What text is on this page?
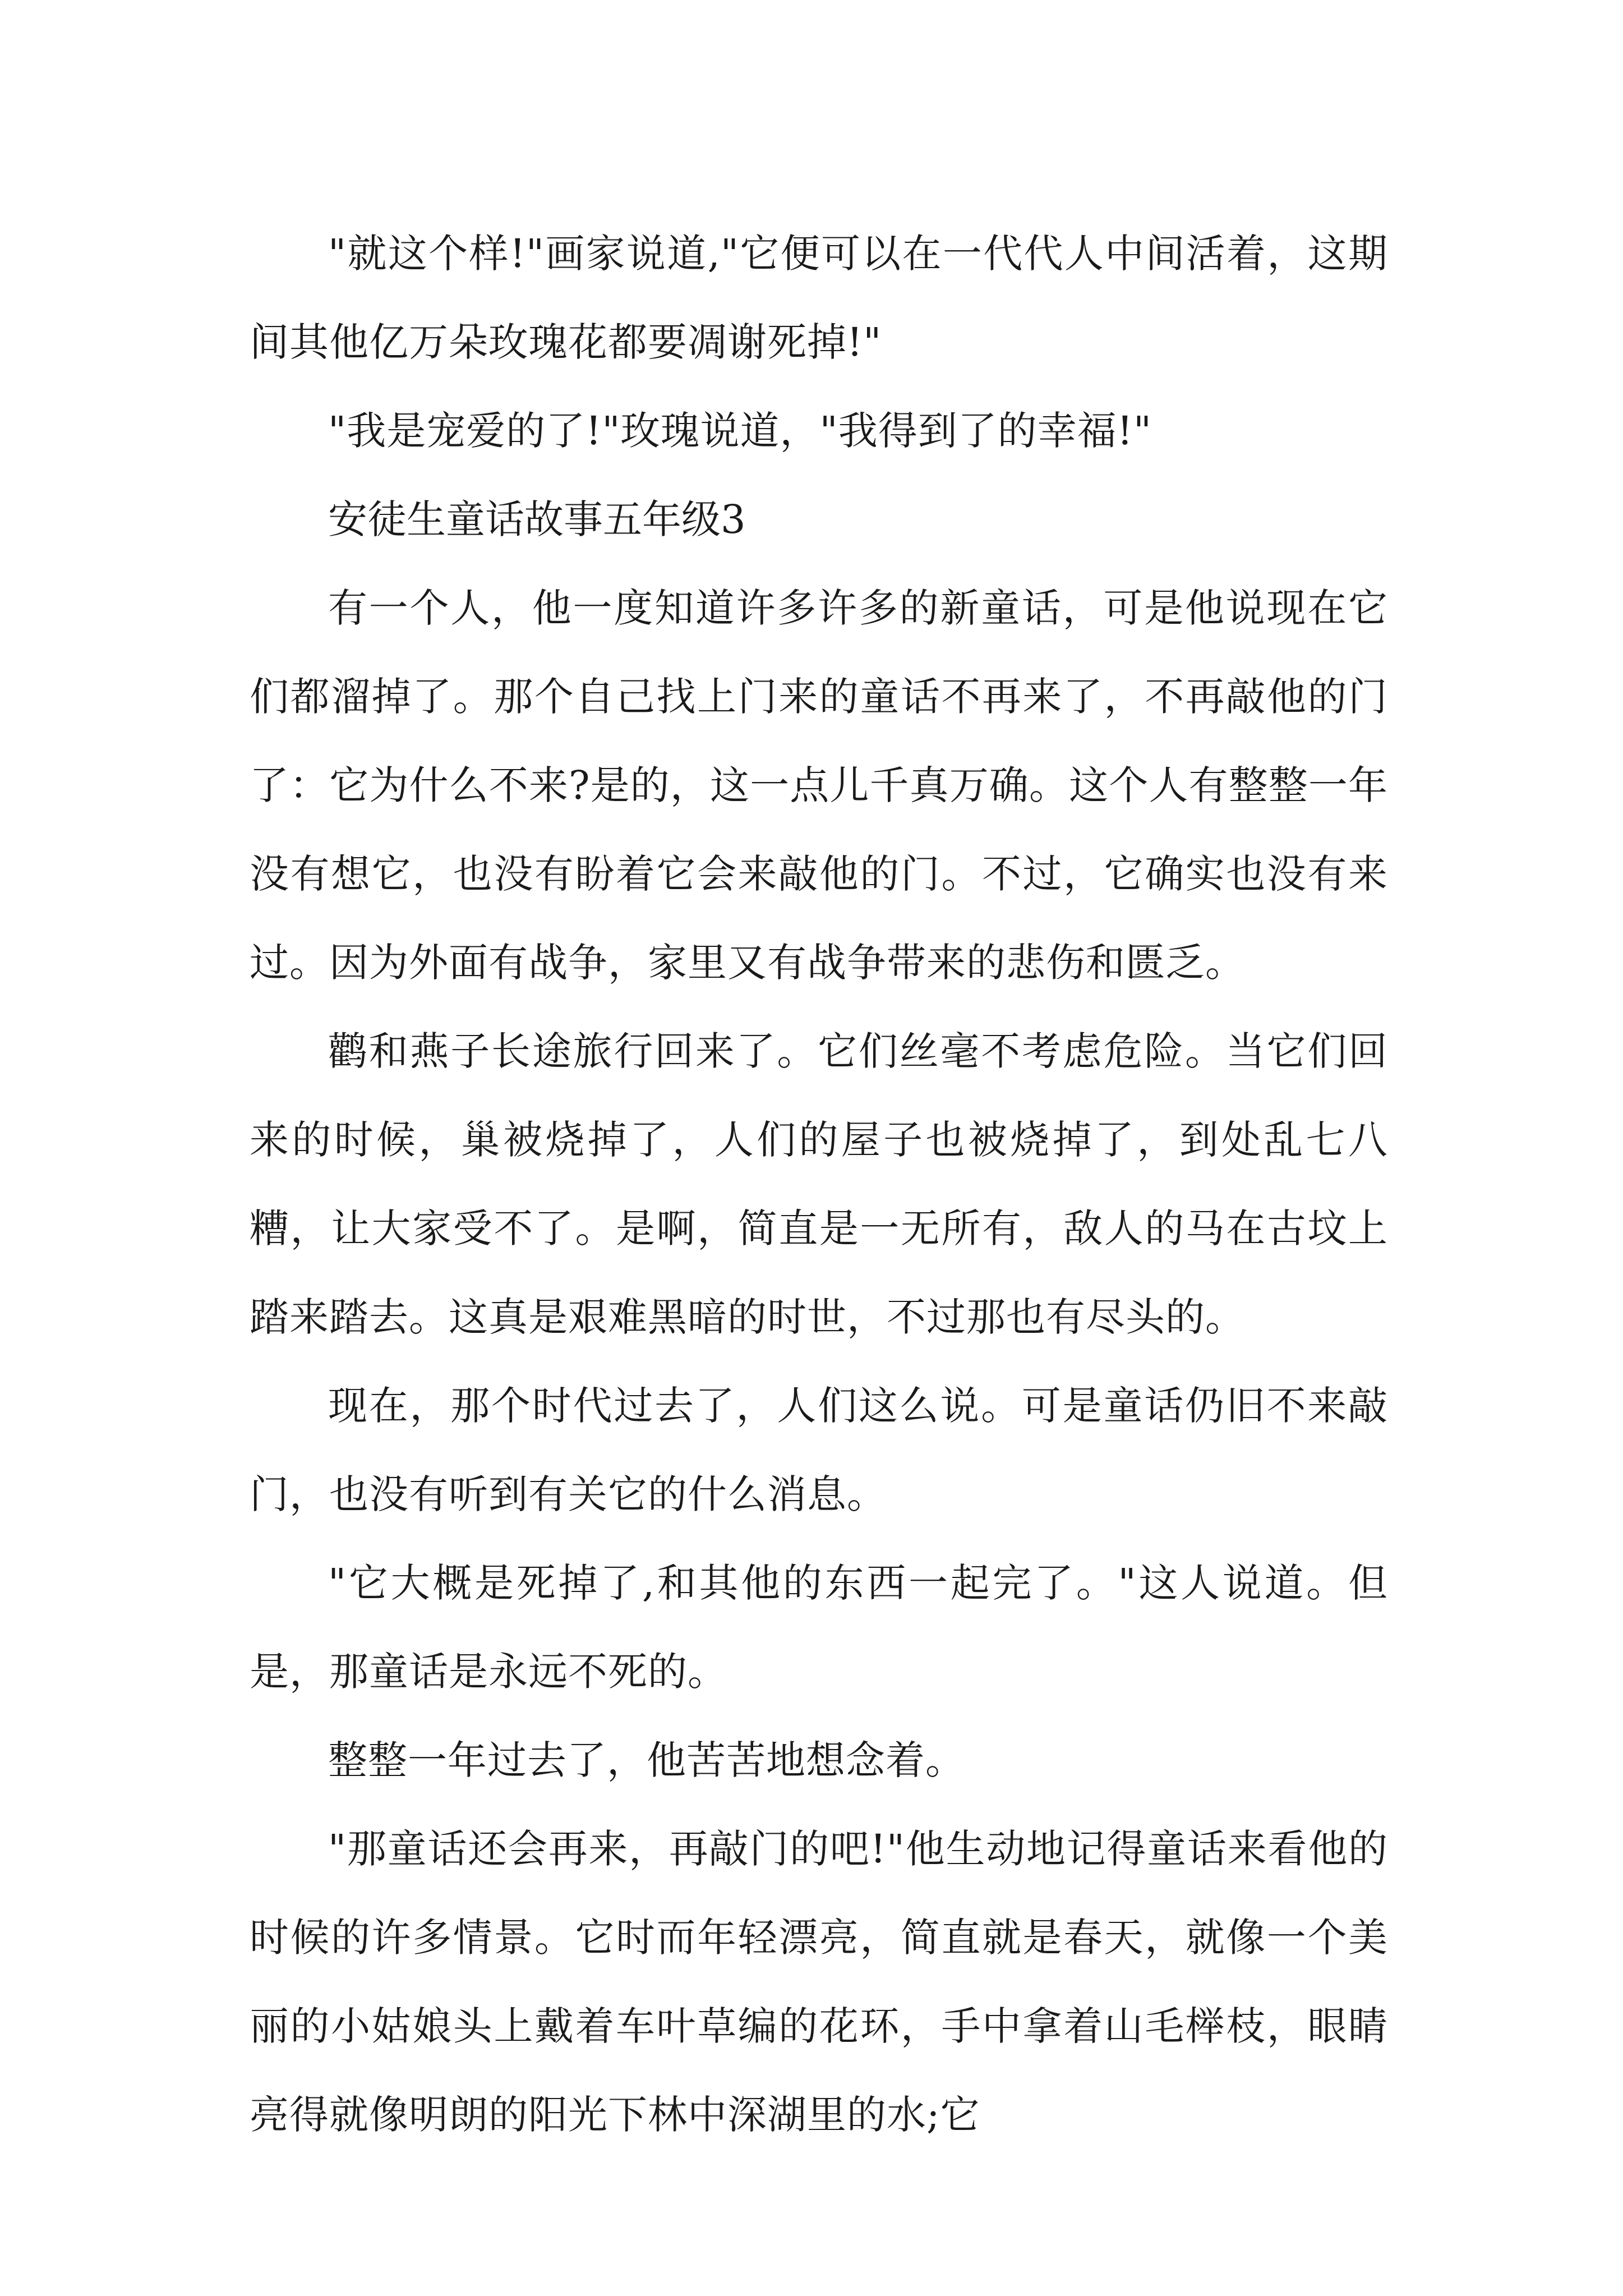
"就这个样!"画家说道,"它便可以在一代代人中间活着，这期间其他亿万朵玫瑰花都要凋谢死掉!"

"我是宠爱的了!"玫瑰说道，"我得到了的幸福!"

安徒生童话故事五年级3

有一个人，他一度知道许多许多的新童话，可是他说现在它们都溜掉了。那个自己找上门来的童话不再来了，不再敲他的门了：它为什么不来?是的，这一点儿千真万确。这个人有整整一年没有想它，也没有盼着它会来敲他的门。不过，它确实也没有来过。因为外面有战争，家里又有战争带来的悲伤和匮乏。

鹳和燕子长途旅行回来了。它们丝毫不考虑危险。当它们回来的时候，巢被烧掉了，人们的屋子也被烧掉了，到处乱七八糟，让大家受不了。是啊，简直是一无所有，敌人的马在古坟上踏来踏去。这真是艰难黑暗的时世，不过那也有尽头的。

现在，那个时代过去了，人们这么说。可是童话仍旧不来敲门，也没有听到有关它的什么消息。

"它大概是死掉了,和其他的东西一起完了。"这人说道。但是，那童话是永远不死的。

整整一年过去了，他苦苦地想念着。

"那童话还会再来，再敲门的吧!"他生动地记得童话来看他的时候的许多情景。它时而年轻漂亮，简直就是春天，就像一个美丽的小姑娘头上戴着车叶草编的花环，手中拿着山毛榉枝，眼睛亮得就像明朗的阳光下林中深湖里的水;它
